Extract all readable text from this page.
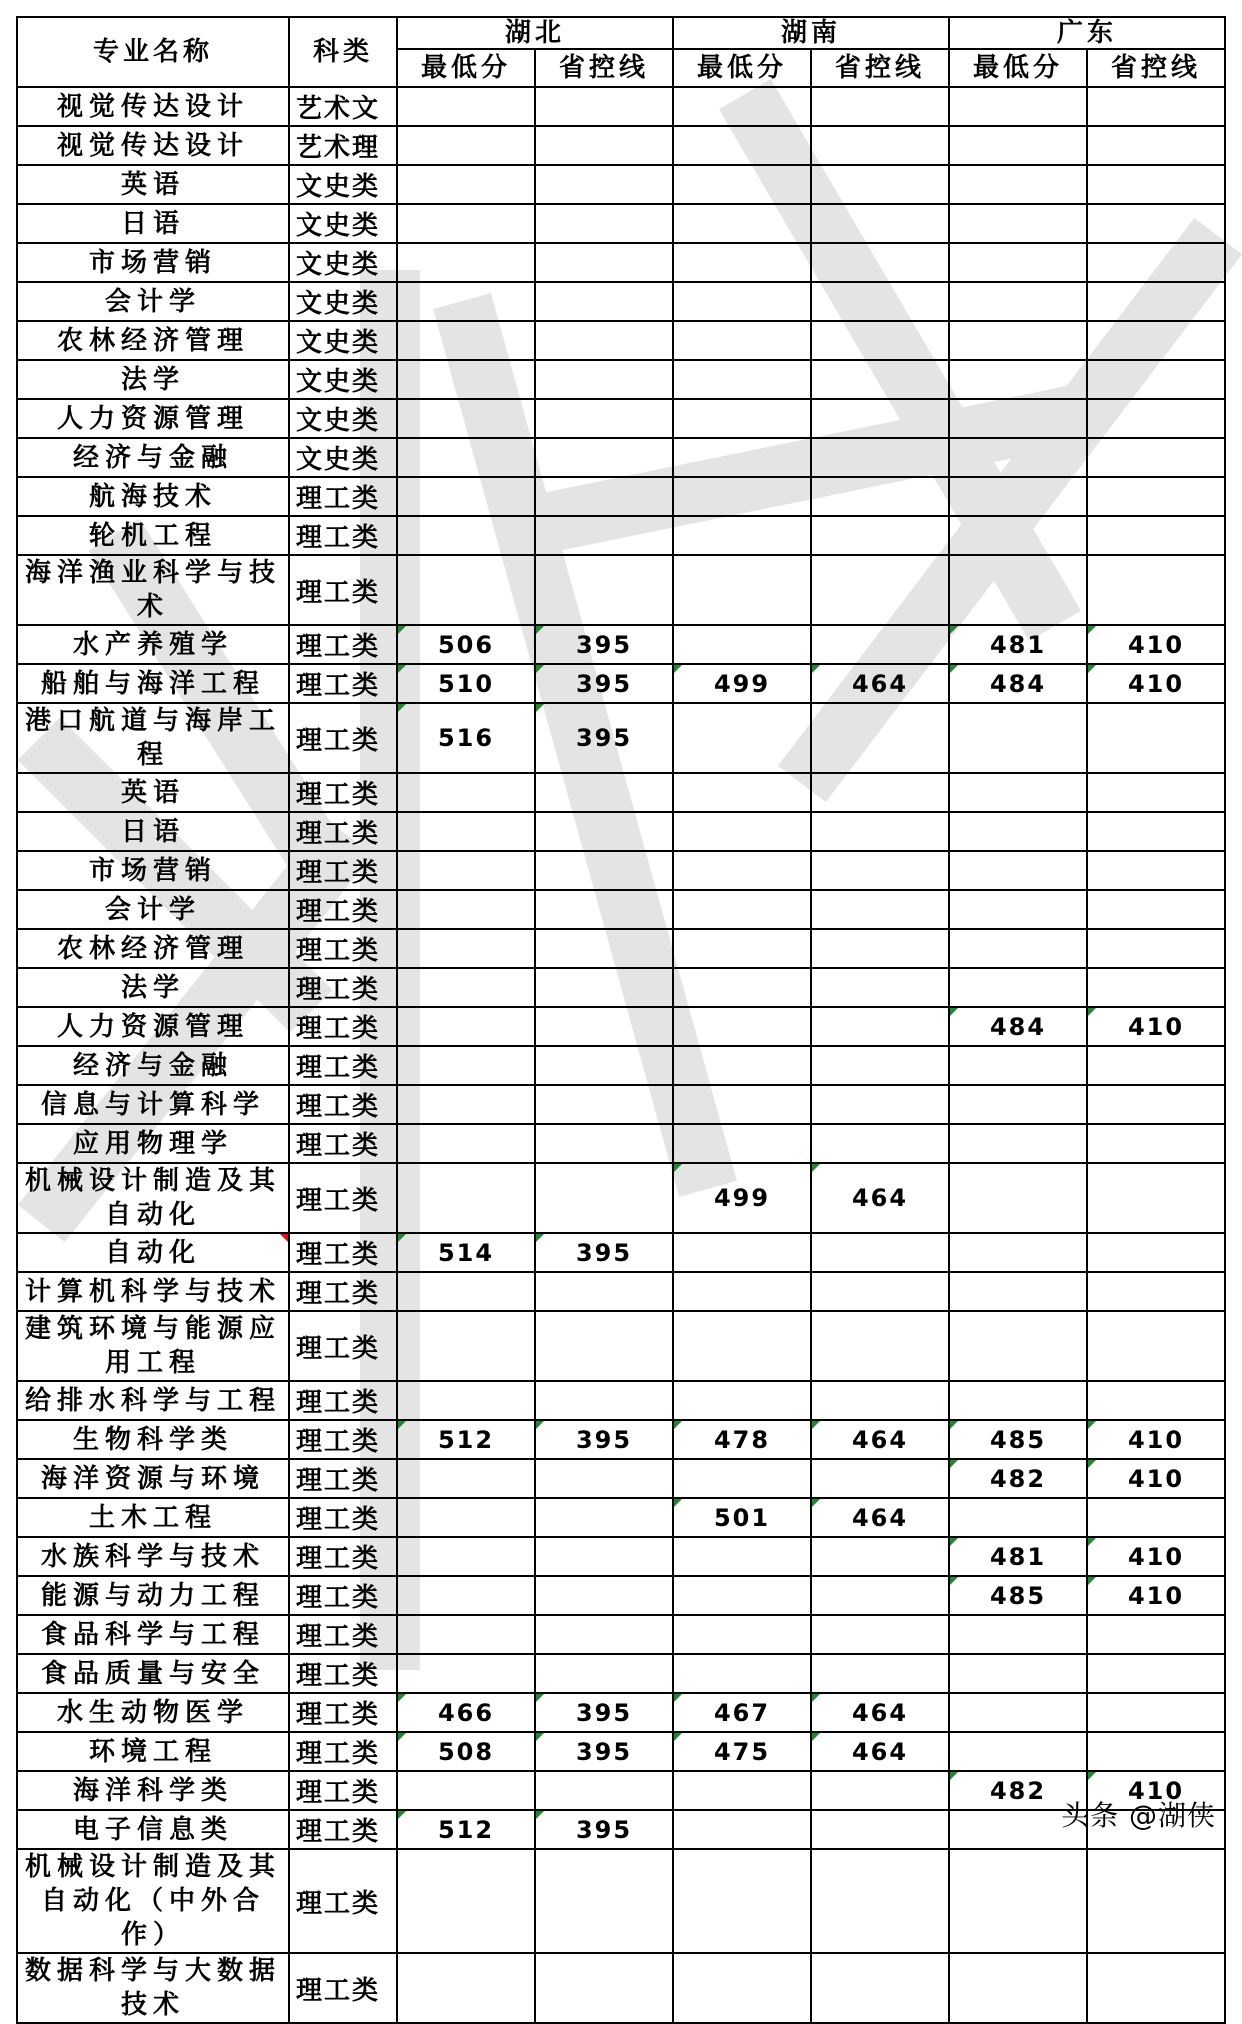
专业名称	科类	湖北		湖南		广东	
		最低分	省控线	最低分	省控线	最低分	省控线
视觉传达设计	艺术文						
视觉传达设计	艺术理						
英语	文史类						
日语	文史类						
市场营销	文史类						
会计学	文史类						
农林经济管理	文史类						
法学	文史类						
人力资源管理	文史类						
经济与金融	文史类						
航海技术	理工类						
轮机工程	理工类						
海洋渔业科学与技术	理工类						
水产养殖学	理工类	506	395			481	410
船舶与海洋工程	理工类	510	395	499	464	484	410
港口航道与海岸工程	理工类	516	395				
英语	理工类						
日语	理工类						
市场营销	理工类						
会计学	理工类						
农林经济管理	理工类						
法学	理工类						
人力资源管理	理工类					484	410
经济与金融	理工类						
信息与计算科学	理工类						
应用物理学	理工类						
机械设计制造及其自动化	理工类			499	464		
自动化	理工类	514	395				
计算机科学与技术	理工类						
建筑环境与能源应用工程	理工类						
给排水科学与工程	理工类						
生物科学类	理工类	512	395	478	464	485	410
海洋资源与环境	理工类					482	410
土木工程	理工类			501	464		
水族科学与技术	理工类					481	410
能源与动力工程	理工类					485	410
食品科学与工程	理工类						
食品质量与安全	理工类						
水生动物医学	理工类	466	395	467	464		
环境工程	理工类	508	395	475	464		
海洋科学类	理工类					482	410
电子信息类	理工类	512	395				
机械设计制造及其自动化（中外合作）	理工类						
数据科学与大数据技术	理工类						
头条 @湖侠
